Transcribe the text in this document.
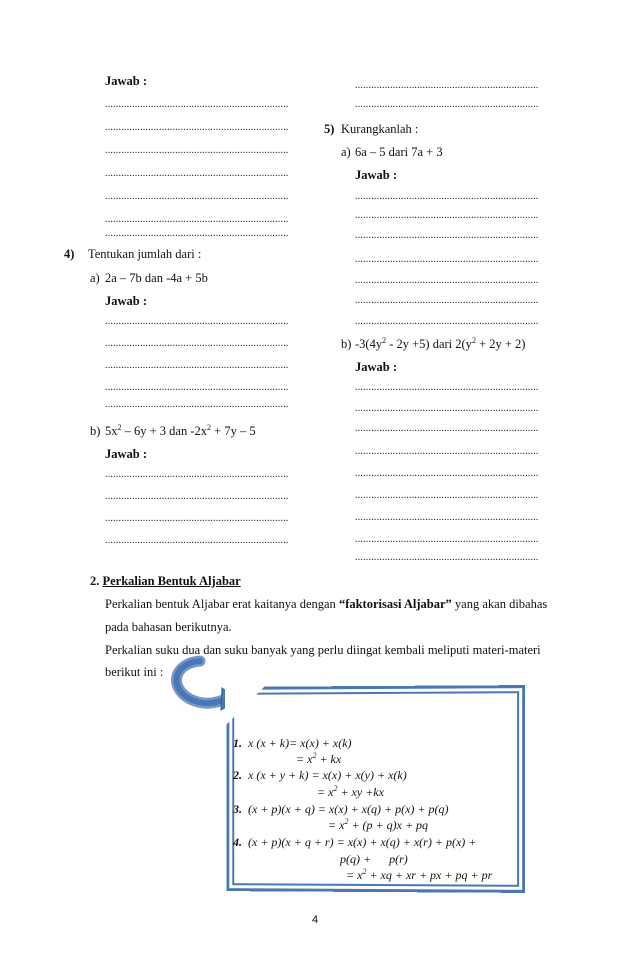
Jawab :
....................................................................
....................................................................
....................................................................
....................................................................
....................................................................
....................................................................
....................................................................
4) Tentukan jumlah dari :
a) 2a – 7b dan -4a + 5b
Jawab :
....................................................................
....................................................................
....................................................................
....................................................................
....................................................................
b) $5x^2 - 6y + 3$ dan $-2x^2 + 7y - 5$
Jawab :
....................................................................
....................................................................
....................................................................
....................................................................
....................................................................
....................................................................
5) Kurangkanlah :
a) 6a – 5 dari 7a + 3
Jawab :
....................................................................
....................................................................
....................................................................
....................................................................
....................................................................
....................................................................
....................................................................
b) $-3(4y^2 - 2y +5)$ dari $2(y^2 + 2y + 2)$
Jawab :
....................................................................
....................................................................
....................................................................
....................................................................
....................................................................
....................................................................
....................................................................
....................................................................
....................................................................
2. Perkalian Bentuk Aljabar
Perkalian bentuk Aljabar erat kaitanya dengan “faktorisasi Aljabar” yang akan dibahas
pada bahasan berikutnya.
Perkalian suku dua dan suku banyak yang perlu diingat kembali meliputi materi-materi
berikut ini :
1. x (x + k)= x(x) + x(k)
= $x^2$ + kx
2. x (x + y + k) = x(x) + x(y) + x(k)
= $x^2$ + xy +kx
3. (x + p)(x + q) = x(x) + x(q) + p(x) + p(q)
= $x^2 + (p + q)x$ + pq
4. (x + p)(x + q + r) = x(x) + x(q) + x(r) + p(x) +
p(q) +      p(r)
= $x^2$ + xq + xr + px + pq + pr
4
